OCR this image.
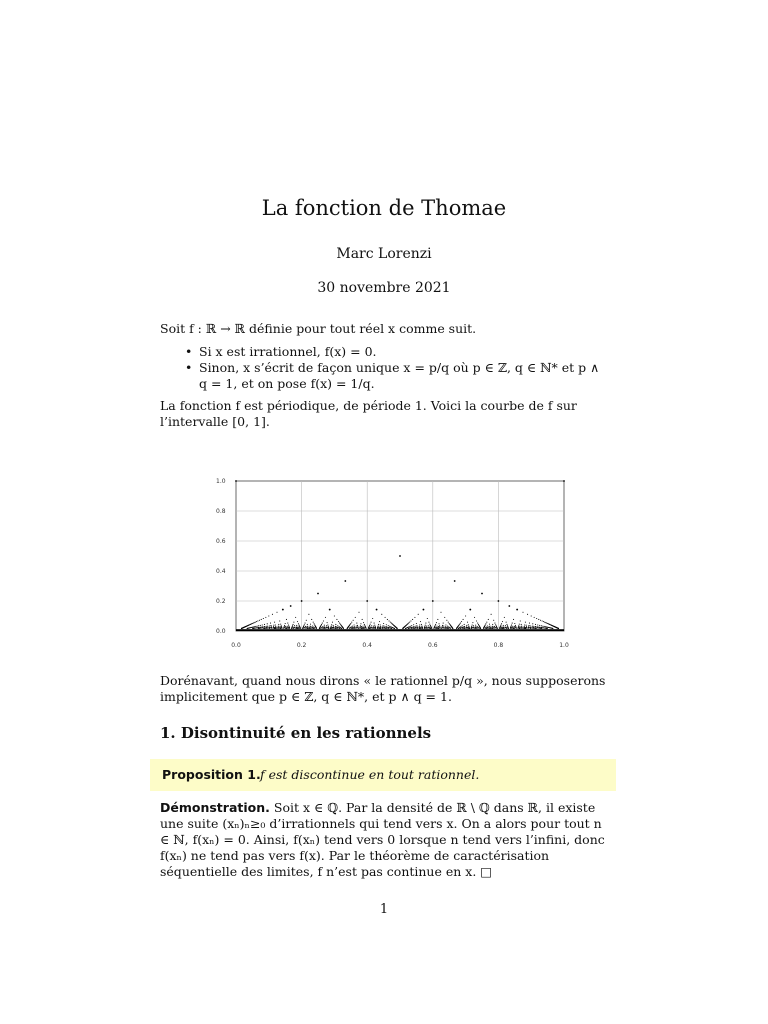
La fonction de Thomae
Marc Lorenzi
30 novembre 2021
Soit f : ℝ → ℝ définie pour tout réel x comme suit.
• Si x est irrationnel, f(x) = 0.
• Sinon, x s’écrit de façon unique x = p/q où p ∈ ℤ, q ∈ ℕ* et p ∧ q = 1, et on pose f(x) = 1/q.
La fonction f est périodique, de période 1. Voici la courbe de f sur l’intervalle [0, 1].
0.0	0.2	0.4	0.6	0.8	1.0
0.0
0.2
0.4
0.6
0.8
1.0
Dorénavant, quand nous dirons « le rationnel p/q », nous supposerons implicitement que p ∈ ℤ, q ∈ ℕ*, et p ∧ q = 1.
1. Disontinuité en les rationnels
Proposition 1. f est discontinue en tout rationnel.
Démonstration. Soit x ∈ ℚ. Par la densité de ℝ \ ℚ dans ℝ, il existe une suite (xₙ)ₙ≥₀ d’irrationnels qui tend vers x. On a alors pour tout n ∈ ℕ, f(xₙ) = 0. Ainsi, f(xₙ) tend vers 0 lorsque n tend vers l’infini, donc f(xₙ) ne tend pas vers f(x). Par le théorème de caractérisation séquentielle des limites, f n’est pas continue en x. □
1
